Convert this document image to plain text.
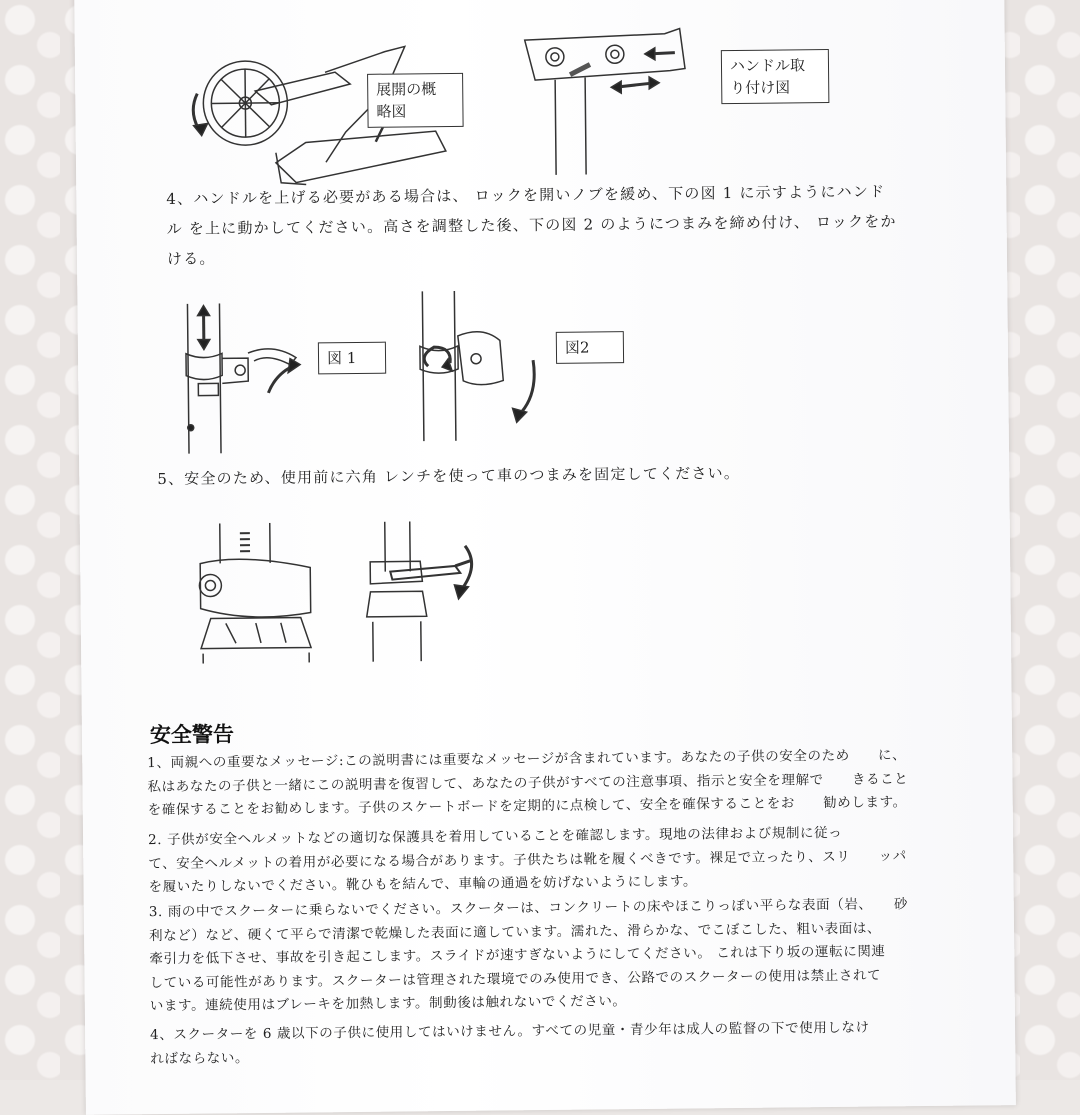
展開の概
略図
ハンドル取
り付け図
4、ハンドルを上げる必要がある場合は、 ロックを開いノブを緩め、下の図 1 に示すようにハンド
ル を上に動かしてください。高さを調整した後、下の図 2 のようにつまみを締め付け、 ロックをか
ける。
図 1
図2
5、安全のため、使用前に六角 レンチを使って車のつまみを固定してください。
安全警告
1、両親への重要なメッセージ:この説明書には重要なメッセージが含まれています。あなたの子供の安全のため　　に、
私はあなたの子供と一緒にこの説明書を復習して、あなたの子供がすべての注意事項、指示と安全を理解で　　きること
を確保することをお勧めします。子供のスケートボードを定期的に点検して、安全を確保することをお　　勧めします。
2. 子供が安全ヘルメットなどの適切な保護具を着用していることを確認します。現地の法律および規制に従っ
て、安全ヘルメットの着用が必要になる場合があります。子供たちは靴を履くべきです。裸足で立ったり、スリ　　ッパ
を履いたりしないでください。靴ひもを結んで、車輪の通過を妨げないようにします。
3. 雨の中でスクーターに乗らないでください。スクーターは、コンクリートの床やほこりっぽい平らな表面（岩、　　砂
利など）など、硬くて平らで清潔で乾燥した表面に適しています。濡れた、滑らかな、でこぼこした、粗い表面は、
牽引力を低下させ、事故を引き起こします。スライドが速すぎないようにしてください。 これは下り坂の運転に関連
している可能性があります。スクーターは管理された環境でのみ使用でき、公路でのスクーターの使用は禁止されて
います。連続使用はブレーキを加熱します。制動後は触れないでください。
4、スクーターを 6 歳以下の子供に使用してはいけません。すべての児童・青少年は成人の監督の下で使用しなけ
ればならない。
